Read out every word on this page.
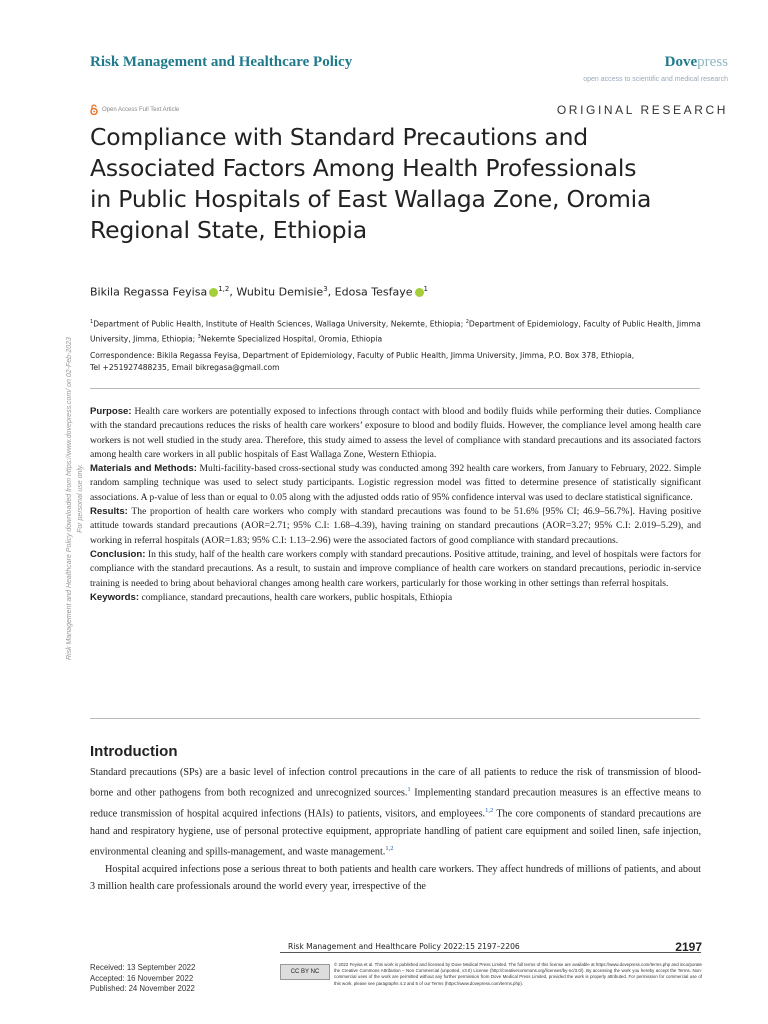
Risk Management and Healthcare Policy	Dovepress
open access to scientific and medical research
Open Access Full Text Article	ORIGINAL RESEARCH
Compliance with Standard Precautions and
Associated Factors Among Health Professionals
in Public Hospitals of East Wallaga Zone, Oromia
Regional State, Ethiopia
Bikila Regassa Feyisa $^{1,2}$, Wubitu Demisie$^3$, Edosa Tesfaye $^1$
$^1$Department of Public Health, Institute of Health Sciences, Wallaga University, Nekemte, Ethiopia; $^2$Department of Epidemiology, Faculty of Public Health, Jimma University, Jimma, Ethiopia; $^3$Nekemte Specialized Hospital, Oromia, Ethiopia
Correspondence: Bikila Regassa Feyisa, Department of Epidemiology, Faculty of Public Health, Jimma University, Jimma, P.O. Box 378, Ethiopia,
Tel +251927488235, Email bikregasa@gmail.com

Purpose: Health care workers are potentially exposed to infections through contact with blood and bodily fluids while performing their duties. Compliance with the standard precautions reduces the risks of health care workers’ exposure to blood and bodily fluids. However, the compliance level among health care workers is not well studied in the study area. Therefore, this study aimed to assess the level of compliance with standard precautions and its associated factors among health care workers in all public hospitals of East Wallaga Zone, Western Ethiopia.

Materials and Methods: Multi-facility-based cross-sectional study was conducted among 392 health care workers, from January to February, 2022. Simple random sampling technique was used to select study participants. Logistic regression model was fitted to determine presence of statistically significant associations. A p-value of less than or equal to 0.05 along with the adjusted odds ratio of 95% confidence interval was used to declare statistical significance.

Results: The proportion of health care workers who comply with standard precautions was found to be 51.6% [95% CI; 46.9–56.7%]. Having positive attitude towards standard precautions (AOR=2.71; 95% C.I: 1.68–4.39), having training on standard precautions (AOR=3.27; 95% C.I: 2.019–5.29), and working in referral hospitals (AOR=1.83; 95% C.I: 1.13–2.96) were the associated factors of good compliance with standard precautions.

Conclusion: In this study, half of the health care workers comply with standard precautions. Positive attitude, training, and level of hospitals were factors for compliance with the standard precautions. As a result, to sustain and improve compliance of health care workers on standard precautions, periodic in-service training is needed to bring about behavioral changes among health care workers, particularly for those working in other settings than referral hospitals.

Keywords: compliance, standard precautions, health care workers, public hospitals, Ethiopia

Risk Management and Healthcare Policy downloaded from https://www.dovepress.com/ on 02-Feb-2023 For personal use only.
Introduction

Standard precautions (SPs) are a basic level of infection control precautions in the care of all patients to reduce the risk of transmission of blood-borne and other pathogens from both recognized and unrecognized sources.$^1$ Implementing standard precaution measures is an effective means to reduce transmission of hospital acquired infections (HAIs) to patients, visitors, and employees.$^{1,2}$ The core components of standard precautions are hand and respiratory hygiene, use of personal protective equipment, appropriate handling of patient care equipment and soiled linen, safe injection, environmental cleaning and spills-management, and waste management.$^{1,2}$

Hospital acquired infections pose a serious threat to both patients and health care workers. They affect hundreds of millions of patients, and about 3 million health care professionals around the world every year, irrespective of the

Risk Management and Healthcare Policy 2022:15 2197–2206	2197
Received: 13 September 2022
Accepted: 16 November 2022
Published: 24 November 2022
CC BY NC
© 2022 Feyisa et al. This work is published and licensed by Dove Medical Press Limited. The full terms of this license are available at https://www.dovepress.com/terms.php and incorporate the Creative Commons Attribution – Non Commercial (unported, v3.0) License (http://creativecommons.org/licenses/by-nc/3.0/). By accessing the work you hereby accept the Terms. Non-commercial uses of the work are permitted without any further permission from Dove Medical Press Limited, provided the work is properly attributed. For permission for commercial use of this work, please see paragraphs 4.2 and 5 of our Terms (https://www.dovepress.com/terms.php).
